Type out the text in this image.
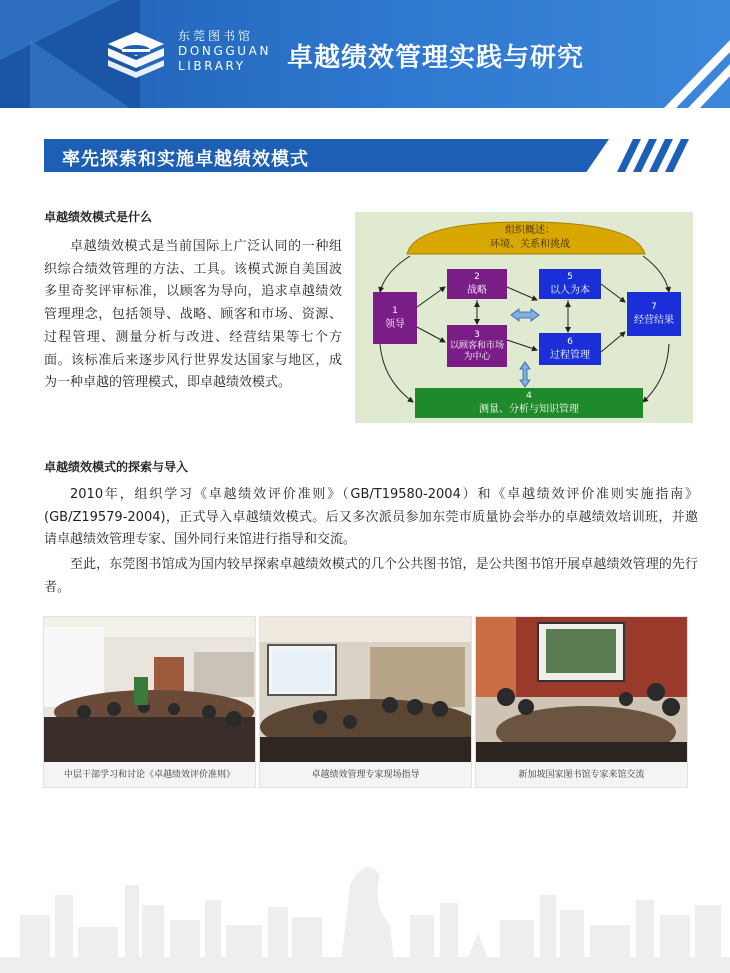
东莞图书馆
DONGGUAN
LIBRARY	卓越绩效管理实践与研究
率先探索和实施卓越绩效模式
卓越绩效模式是什么
卓越绩效模式是当前国际上广泛认同的一种组织综合绩效管理的方法、工具。该模式源自美国波多里奇奖评审标准，以顾客为导向，追求卓越绩效管理理念，包括领导、战略、顾客和市场、资源、过程管理、测量分析与改进、经营结果等七个方面。该标准后来逐步风行世界发达国家与地区，成为一种卓越的管理模式，即卓越绩效模式。
组织概述：
环境、关系和挑战
1
领导
2
战略
3
以顾客和市场为中心
5
以人为本
6
过程管理
7
经营结果
4
测量、分析与知识管理
卓越绩效模式的探索与导入
2010年，组织学习《卓越绩效评价准则》（GB/T19580-2004）和《卓越绩效评价准则实施指南》(GB/Z19579-2004)，正式导入卓越绩效模式。后又多次派员参加东莞市质量协会举办的卓越绩效培训班，并邀请卓越绩效管理专家、国外同行来馆进行指导和交流。
至此，东莞图书馆成为国内较早探索卓越绩效模式的几个公共图书馆，是公共图书馆开展卓越绩效管理的先行者。
中层干部学习和讨论《卓越绩效评价准则》	卓越绩效管理专家现场指导	新加坡国家图书馆专家来馆交流
